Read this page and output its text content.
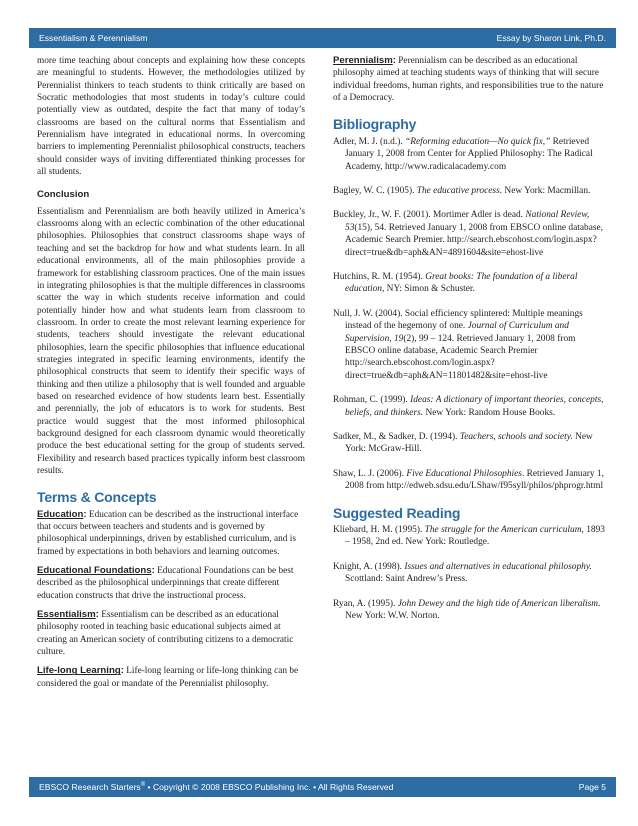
Essentialism & Perennialism	Essay by Sharon Link, Ph.D.

more time teaching about concepts and explaining how these concepts are meaningful to students. However, the methodologies utilized by Perennialist thinkers to teach students to think critically are based on Socratic methodologies that most students in today’s culture could potentially view as outdated, despite the fact that many of today’s classrooms are based on the cultural norms that Essentialism and Perennialism have integrated in educational norms. In overcoming barriers to implementing Perennialist philosophical constructs, teachers should consider ways of inviting differentiated thinking processes for all students.

Conclusion

Essentialism and Perennialism are both heavily utilized in America’s classrooms along with an eclectic combination of the other educational philosophies. Philosophies that construct classrooms shape ways of teaching and set the backdrop for how and what students learn. In all educational environments, all of the main philosophies provide a framework for establishing classroom practices. One of the main issues in integrating philosophies is that the multiple differences in classrooms scatter the way in which students receive information and could potentially hinder how and what students learn from classroom to classroom. In order to create the most relevant learning experience for students, teachers should investigate the relevant educational philosophies, learn the specific philosophies that influence educational strategies integrated in specific learning environments, identify the philosophical constructs that seem to identify their specific ways of thinking and then utilize a philosophy that is well founded and arguable based on researched evidence of how students learn best. Essentially and perennially, the job of educators is to work for students. Best practice would suggest that the most informed philosophical background designed for each classroom dynamic would theoretically produce the best educational setting for the group of students served. Flexibility and research based practices typically inform best classroom results.

Terms & Concepts
Education: Education can be described as the instructional interface that occurs between teachers and students and is governed by philosophical underpinnings, driven by established curriculum, and is framed by expectations in both behaviors and learning outcomes.
Educational Foundations: Educational Foundations can be best described as the philosophical underpinnings that create different education constructs that drive the instructional process.
Essentialism: Essentialism can be described as an educational philosophy rooted in teaching basic educational subjects aimed at creating an American society of contributing citizens to a democratic culture.
Life-long Learning: Life-long learning or life-long thinking can be considered the goal or mandate of the Perennialist philosophy.
Perennialism: Perennialism can be described as an educational philosophy aimed at teaching students ways of thinking that will secure individual freedoms, human rights, and responsibilities true to the nature of a Democracy.
Bibliography

Adler, M. J. (n.d.). “Reforming education—No quick fix,” Retrieved January 1, 2008 from Center for Applied Philosophy: The Radical Academy, http://www.radicalacademy.com

Bagley, W. C. (1905). The educative process. New York: Macmillan.

Buckley, Jr., W. F. (2001). Mortimer Adler is dead. National Review, 53(15), 54. Retrieved January 1, 2008 from EBSCO online database, Academic Search Premier. http://search.ebscohost.com/login.aspx?direct=true&db=aph&AN=4891604&site=ehost-live

Hutchins, R. M. (1954). Great books: The foundation of a liberal education, NY: Simon & Schuster.

Null, J. W. (2004). Social efficiency splintered: Multiple meanings instead of the hegemony of one. Journal of Curriculum and Supervision, 19(2), 99 – 124. Retrieved January 1, 2008 from EBSCO online database, Academic Search Premier http://search.ebscohost.com/login.aspx?direct=true&db=aph&AN=11801482&site=ehost-live

Rohman, C. (1999). Ideas: A dictionary of important theories, concepts, beliefs, and thinkers. New York: Random House Books.

Sadker, M., & Sadker, D. (1994). Teachers, schools and society. New York: McGraw-Hill.

Shaw, L. J. (2006). Five Educational Philosophies. Retrieved January 1, 2008 from http://edweb.sdsu.edu/LShaw/f95syll/philos/phprogr.html

Suggested Reading

Kliebard, H. M. (1995). The struggle for the American curriculum, 1893 – 1958, 2nd ed. New York: Routledge.

Knight, A. (1998). Issues and alternatives in educational philosophy. Scottland: Saint Andrew’s Press.

Ryan, A. (1995). John Dewey and the high tide of American liberalism. New York: W.W. Norton.

EBSCO Research Starters® • Copyright © 2008 EBSCO Publishing Inc. • All Rights Reserved	Page 5
